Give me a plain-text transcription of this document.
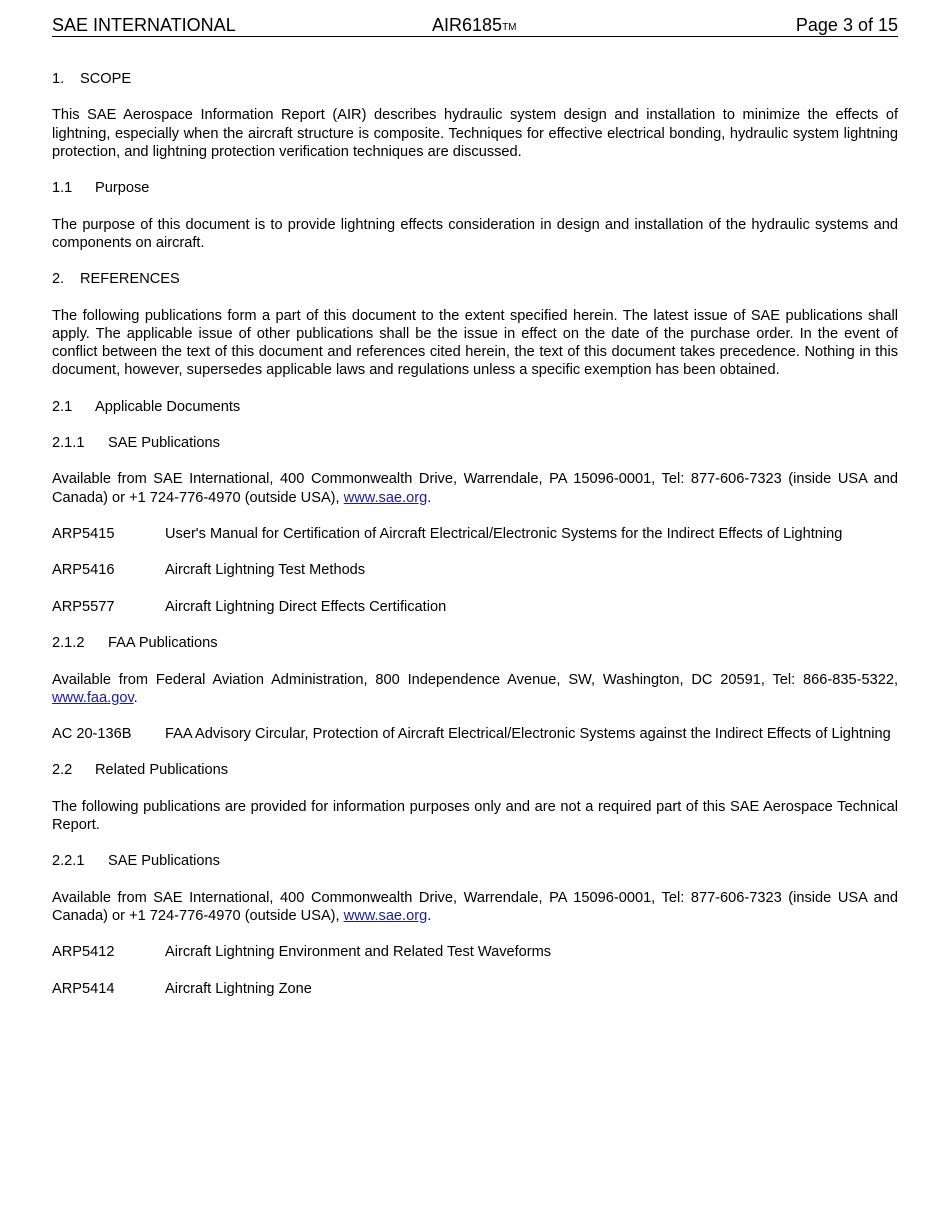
SAE INTERNATIONAL	AIR6185™	Page 3 of 15
1. SCOPE

This SAE Aerospace Information Report (AIR) describes hydraulic system design and installation to minimize the effects of lightning, especially when the aircraft structure is composite. Techniques for effective electrical bonding, hydraulic system lightning protection, and lightning protection verification techniques are discussed.

1.1 Purpose

The purpose of this document is to provide lightning effects consideration in design and installation of the hydraulic systems and components on aircraft.

2. REFERENCES

The following publications form a part of this document to the extent specified herein. The latest issue of SAE publications shall apply. The applicable issue of other publications shall be the issue in effect on the date of the purchase order. In the event of conflict between the text of this document and references cited herein, the text of this document takes precedence. Nothing in this document, however, supersedes applicable laws and regulations unless a specific exemption has been obtained.

2.1 Applicable Documents
2.1.1 SAE Publications

Available from SAE International, 400 Commonwealth Drive, Warrendale, PA 15096-0001, Tel: 877-606-7323 (inside USA and Canada) or +1 724-776-4970 (outside USA), www.sae.org.

ARP5415	User's Manual for Certification of Aircraft Electrical/Electronic Systems for the Indirect Effects of Lightning
ARP5416	Aircraft Lightning Test Methods
ARP5577	Aircraft Lightning Direct Effects Certification
2.1.2 FAA Publications

Available from Federal Aviation Administration, 800 Independence Avenue, SW, Washington, DC 20591, Tel: 866-835-5322, www.faa.gov.

AC 20-136B	FAA Advisory Circular, Protection of Aircraft Electrical/Electronic Systems against the Indirect Effects of Lightning
2.2 Related Publications

The following publications are provided for information purposes only and are not a required part of this SAE Aerospace Technical Report.

2.2.1 SAE Publications

Available from SAE International, 400 Commonwealth Drive, Warrendale, PA 15096-0001, Tel: 877-606-7323 (inside USA and Canada) or +1 724-776-4970 (outside USA), www.sae.org.

ARP5412	Aircraft Lightning Environment and Related Test Waveforms
ARP5414	Aircraft Lightning Zone
